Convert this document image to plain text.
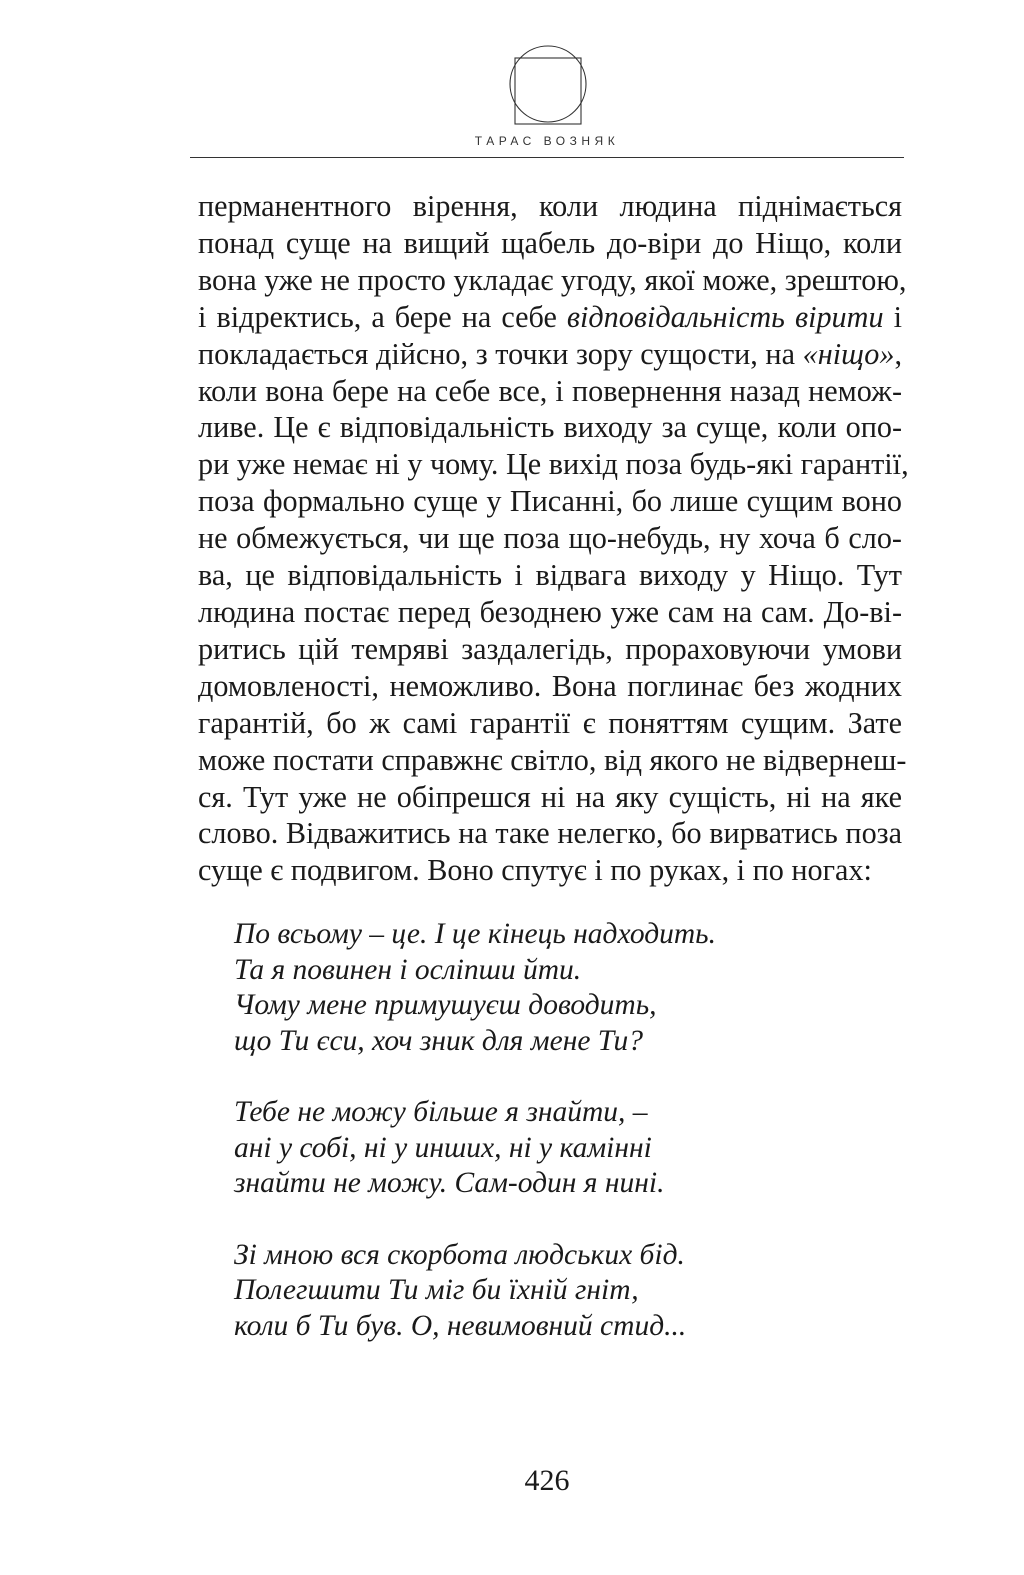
ТАРАС ВОЗНЯК
перманентного вірення, коли людина піднімається
понад суще на вищий щабель до-віри до Ніщо, коли
вона уже не просто укладає угоду, якої може, зрештою,
і відректись, а бере на себе відповідальність вірити і
покладається дійсно, з точки зору сущости, на «ніщо»,
коли вона бере на себе все, і повернення назад немож-
ливе. Це є відповідальність виходу за суще, коли опо-
ри уже немає ні у чому. Це вихід поза будь-які гарантії,
поза формально суще у Писанні, бо лише сущим воно
не обмежується, чи ще поза що-небудь, ну хоча б сло-
ва, це відповідальність і відвага виходу у Ніщо. Тут
людина постає перед безоднею уже сам на сам. До-ві-
ритись цій темряві заздалегідь, прораховуючи умови
домовленості, неможливо. Вона поглинає без жодних
гарантій, бо ж самі гарантії є поняттям сущим. Зате
може постати справжнє світло, від якого не відвернеш-
ся. Тут уже не обіпрешся ні на яку сущість, ні на яке
слово. Відважитись на таке нелегко, бо вирватись поза
суще є подвигом. Воно спутує і по руках, і по ногах:
По всьому – це. І це кінець надходить.
Та я повинен і осліпши йти.
Чому мене примушуєш доводить,
що Ти єси, хоч зник для мене Ти?
Тебе не можу більше я знайти, –
ані у собі, ні у инших, ні у камінні
знайти не можу. Сам-один я нині.
Зі мною вся скорбота людських бід.
Полегшити Ти міг би їхній гніт,
коли б Ти був. О, невимовний стид...
426
